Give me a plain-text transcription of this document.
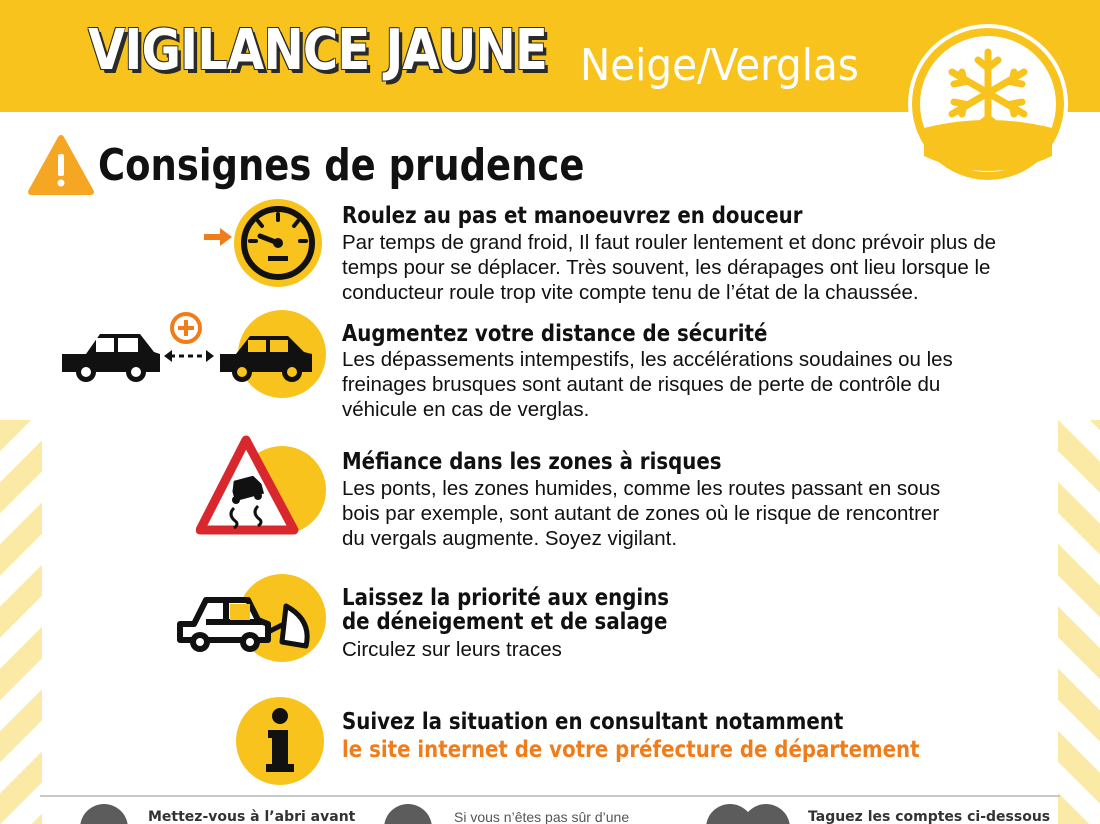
VIGILANCE JAUNE Neige/Verglas
Consignes de prudence
Roulez au pas et manoeuvrez en douceur
Par temps de grand froid, Il faut rouler lentement et donc prévoir plus de
temps pour se déplacer. Très souvent, les dérapages ont lieu lorsque le
conducteur roule trop vite compte tenu de l’état de la chaussée.
Augmentez votre distance de sécurité
Les dépassements intempestifs, les accélérations soudaines ou les
freinages brusques sont autant de risques de perte de contrôle du
véhicule en cas de verglas.
Méfiance dans les zones à risques
Les ponts, les zones humides, comme les routes passant en sous
bois par exemple, sont autant de zones où le risque de rencontrer
du vergals augmente. Soyez vigilant.
Laissez la priorité aux engins
de déneigement et de salage
Circulez sur leurs traces
Suivez la situation en consultant notamment
le site internet de votre préfecture de département
Mettez-vous à l’abri avant	Si vous n’êtes pas sûr d’une	Taguez les comptes ci-dessous
